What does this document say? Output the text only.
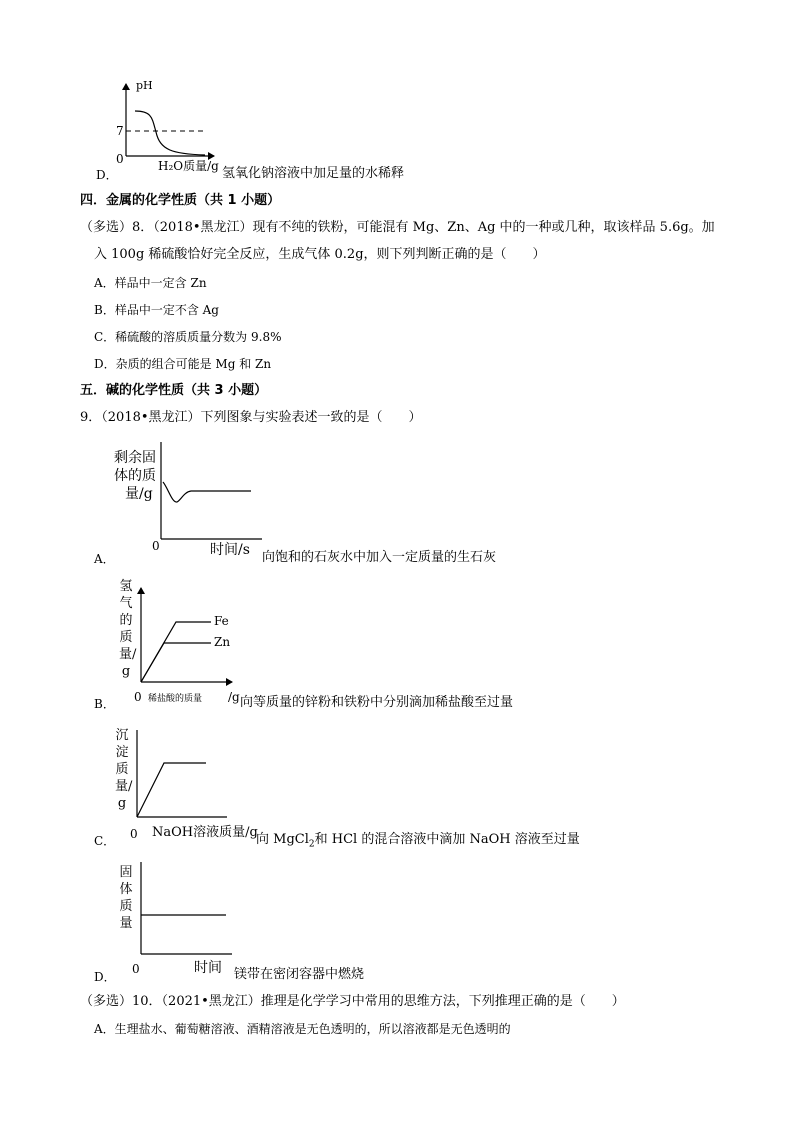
pH
7
0	H₂O质量/g
D．	氢氧化钠溶液中加足量的水稀释
四．金属的化学性质（共 1 小题）
（多选）8．（2018•黑龙江）现有不纯的铁粉，可能混有 Mg、Zn、Ag 中的一种或几种，取该样品 5.6g。加
入 100g 稀硫酸恰好完全反应，生成气体 0.2g，则下列判断正确的是（　　）
A．样品中一定含 Zn
B．样品中一定不含 Ag
C．稀硫酸的溶质质量分数为 9.8%
D．杂质的组合可能是 Mg 和 Zn
五．碱的化学性质（共 3 小题）
9．（2018•黑龙江）下列图象与实验表述一致的是（　　）
剩余固
体的质
量/g
0	时间/s
A．	向饱和的石灰水中加入一定质量的生石灰
氢气的质量/g
Fe
Zn
0 稀盐酸的质量 /g
B．	向等质量的锌粉和铁粉中分别滴加稀盐酸至过量
沉淀质量/g
0 NaOH溶液质量/g
C．	向 MgCl$_2$和 HCl 的混合溶液中滴加 NaOH 溶液至过量
固体质量
0	时间
D．	镁带在密闭容器中燃烧
（多选）10．（2021•黑龙江）推理是化学学习中常用的思维方法，下列推理正确的是（　　）
A．生理盐水、葡萄糖溶液、酒精溶液是无色透明的，所以溶液都是无色透明的
